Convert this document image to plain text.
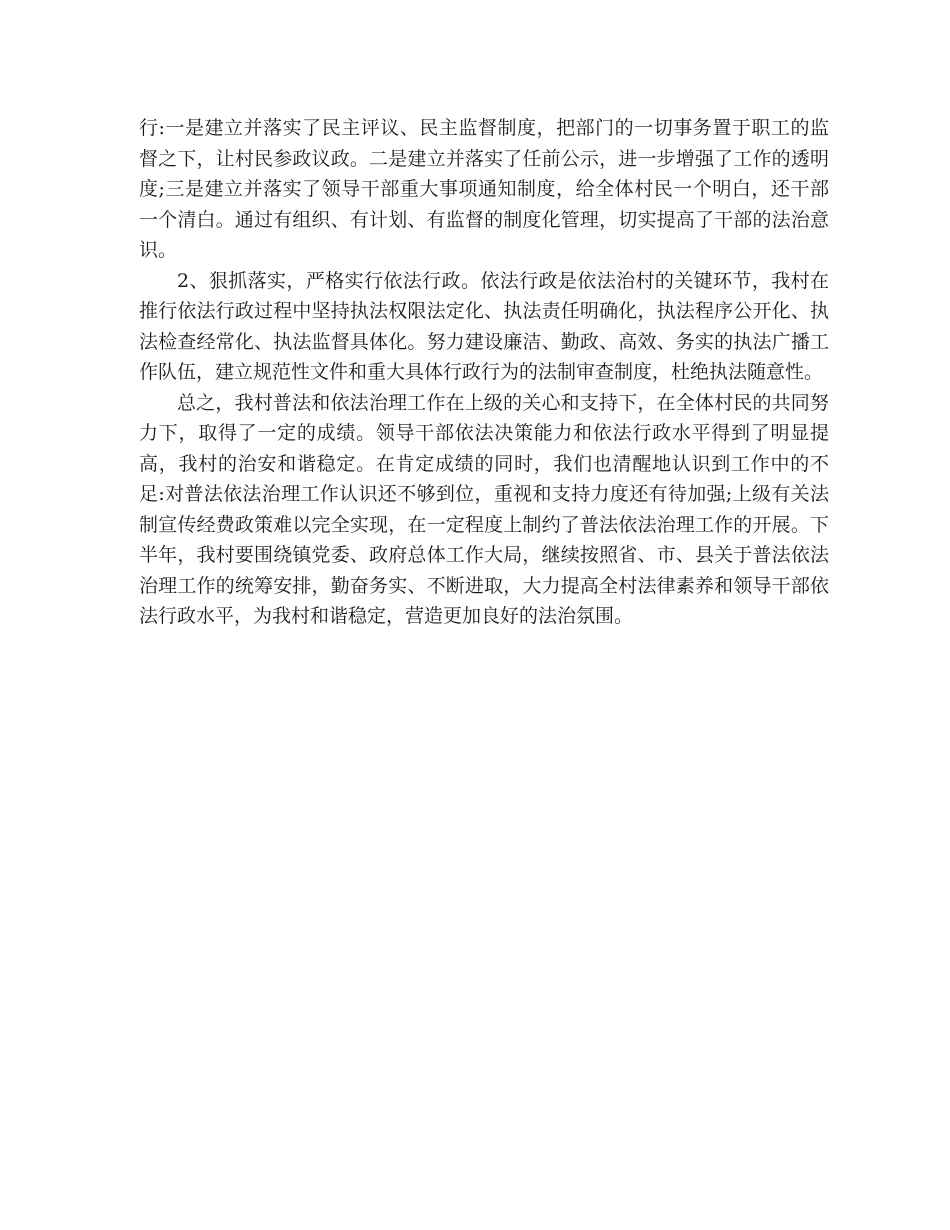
行:一是建立并落实了民主评议、民主监督制度，把部门的一切事务置于职工的监督之下，让村民参政议政。二是建立并落实了任前公示，进一步增强了工作的透明度;三是建立并落实了领导干部重大事项通知制度，给全体村民一个明白，还干部一个清白。通过有组织、有计划、有监督的制度化管理，切实提高了干部的法治意识。

2、狠抓落实，严格实行依法行政。依法行政是依法治村的关键环节，我村在推行依法行政过程中坚持执法权限法定化、执法责任明确化，执法程序公开化、执法检查经常化、执法监督具体化。努力建设廉洁、勤政、高效、务实的执法广播工作队伍，建立规范性文件和重大具体行政行为的法制审查制度，杜绝执法随意性。

总之，我村普法和依法治理工作在上级的关心和支持下，在全体村民的共同努力下，取得了一定的成绩。领导干部依法决策能力和依法行政水平得到了明显提高，我村的治安和谐稳定。在肯定成绩的同时，我们也清醒地认识到工作中的不足:对普法依法治理工作认识还不够到位，重视和支持力度还有待加强;上级有关法制宣传经费政策难以完全实现，在一定程度上制约了普法依法治理工作的开展。下半年，我村要围绕镇党委、政府总体工作大局，继续按照省、市、县关于普法依法治理工作的统筹安排，勤奋务实、不断进取，大力提高全村法律素养和领导干部依法行政水平，为我村和谐稳定，营造更加良好的法治氛围。
